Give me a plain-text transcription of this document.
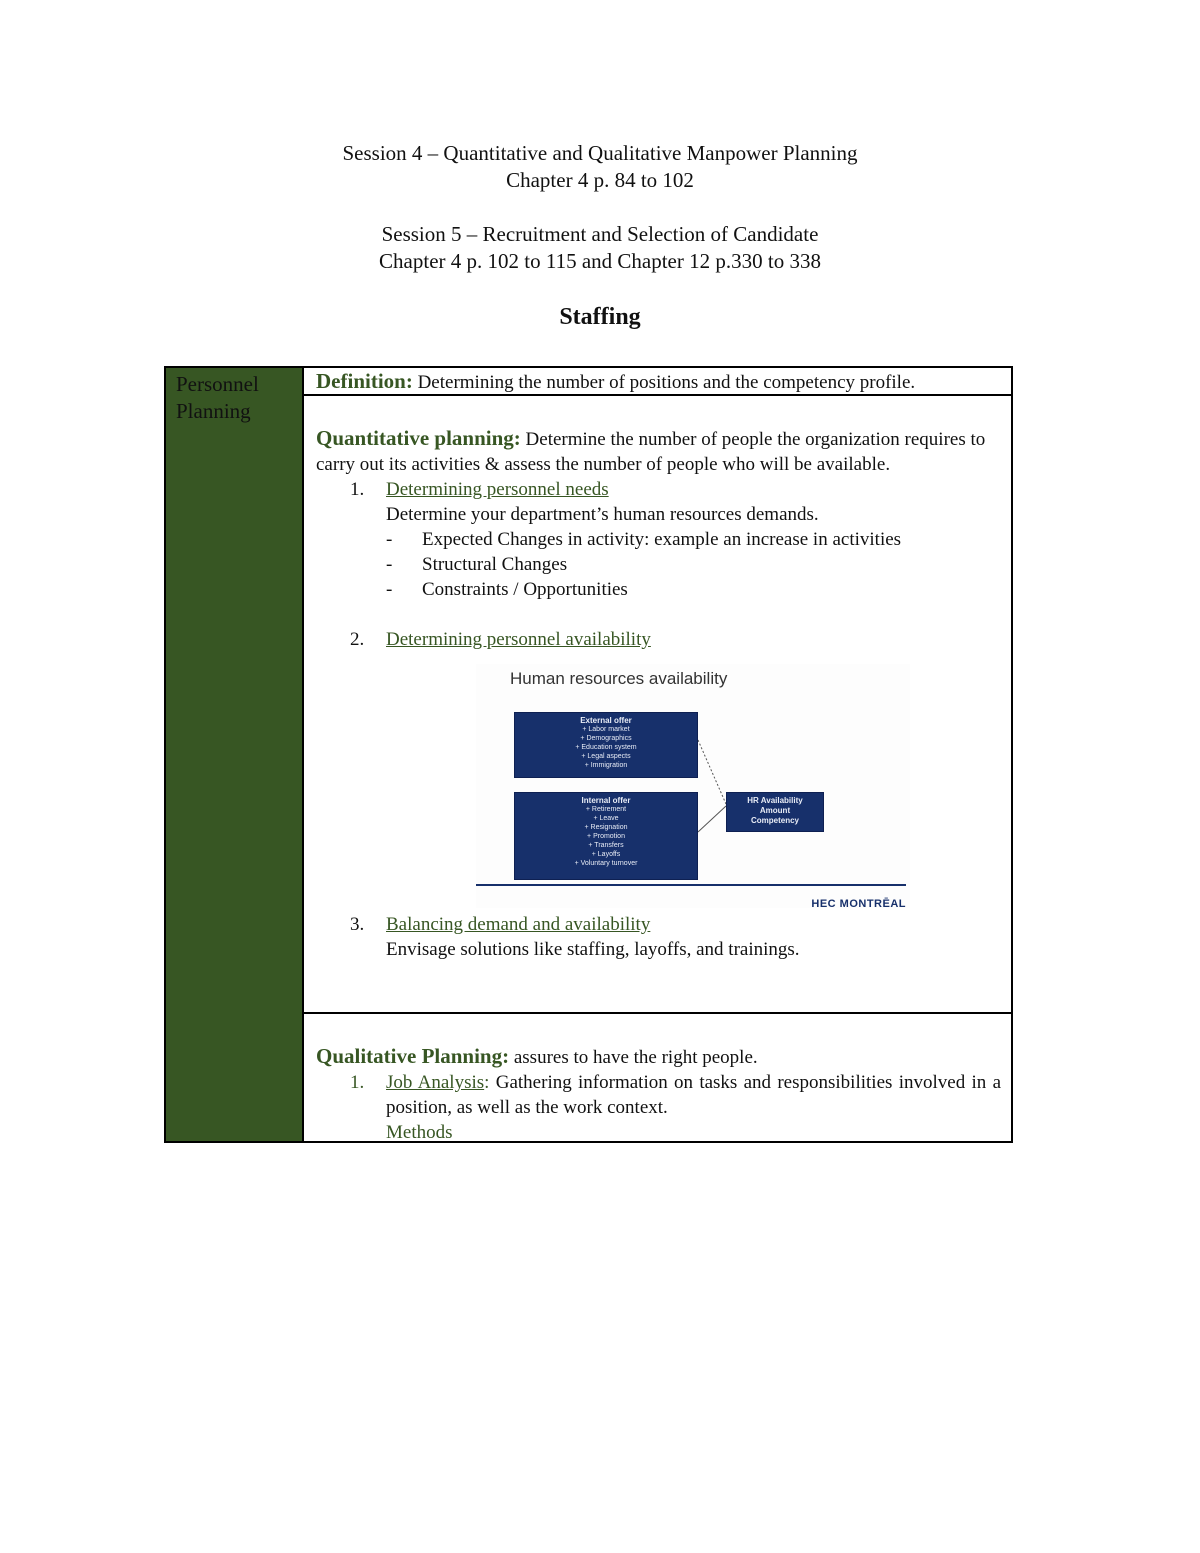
Session 4 – Quantitative and Qualitative Manpower Planning
Chapter 4 p. 84 to 102
Session 5 – Recruitment and Selection of Candidate
Chapter 4 p. 102 to 115 and Chapter 12 p.330 to 338
Staffing
Personnel Planning
Definition: Determining the number of positions and the competency profile.
Quantitative planning: Determine the number of people the organization requires to carry out its activities & assess the number of people who will be available.
1. Determining personnel needs
Determine your department’s human resources demands.
- Expected Changes in activity: example an increase in activities
- Structural Changes
- Constraints / Opportunities
2. Determining personnel availability
Human resources availability
External offer
+ Labor market
+ Demographics
+ Education system
+ Legal aspects
+ Immigration
Internal offer
+ Retirement
+ Leave
+ Resignation
+ Promotion
+ Transfers
+ Layoffs
+ Voluntary turnover
HR Availability
Amount
Competency
HEC MONTRĒAL
3. Balancing demand and availability
Envisage solutions like staffing, layoffs, and trainings.
Qualitative Planning: assures to have the right people.
1. Job Analysis: Gathering information on tasks and responsibilities involved in a position, as well as the work context.
Methods
